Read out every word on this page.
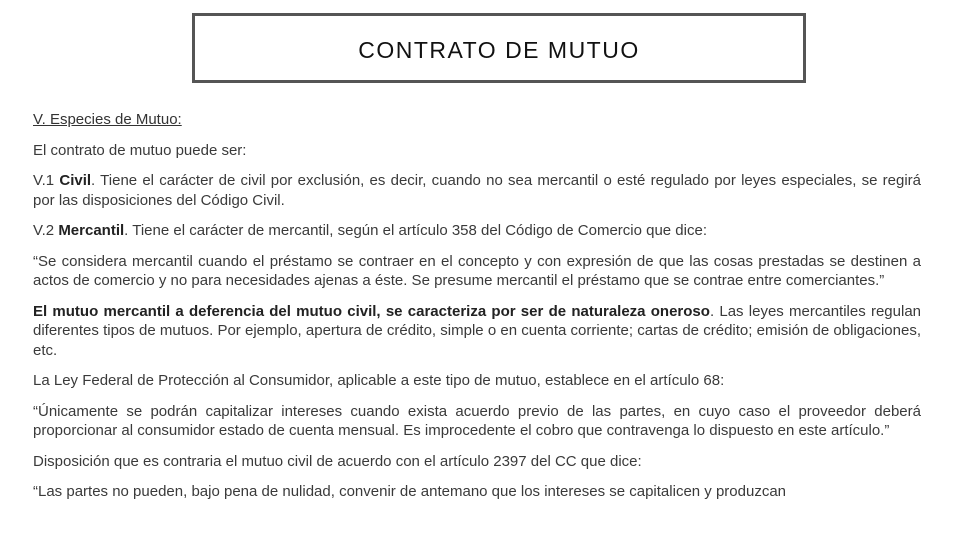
CONTRATO DE MUTUO

V. Especies de Mutuo:

El contrato de mutuo puede ser:

V.1 Civil. Tiene el carácter de civil por exclusión, es decir, cuando no sea mercantil o esté regulado por leyes especiales, se regirá por las disposiciones del Código Civil.

V.2 Mercantil. Tiene el carácter de mercantil, según el artículo 358 del Código de Comercio que dice:

“Se considera mercantil cuando el préstamo se contraer en el concepto y con expresión de que las cosas prestadas se destinen a actos de comercio y no para necesidades ajenas a éste. Se presume mercantil el préstamo que se contrae entre comerciantes.”

El mutuo mercantil a deferencia del mutuo civil, se caracteriza por ser de naturaleza oneroso. Las leyes mercantiles regulan diferentes tipos de mutuos. Por ejemplo, apertura de crédito, simple o en cuenta corriente; cartas de crédito; emisión de obligaciones, etc.

La Ley Federal de Protección al Consumidor, aplicable a este tipo de mutuo, establece en el artículo 68:

“Únicamente se podrán capitalizar intereses cuando exista acuerdo previo de las partes, en cuyo caso el proveedor deberá proporcionar al consumidor estado de cuenta mensual. Es improcedente el cobro que contravenga lo dispuesto en este artículo.”

Disposición que es contraria el mutuo civil de acuerdo con el artículo 2397 del CC que dice:

“Las partes no pueden, bajo pena de nulidad, convenir de antemano que los intereses se capitalicen y produzcan
